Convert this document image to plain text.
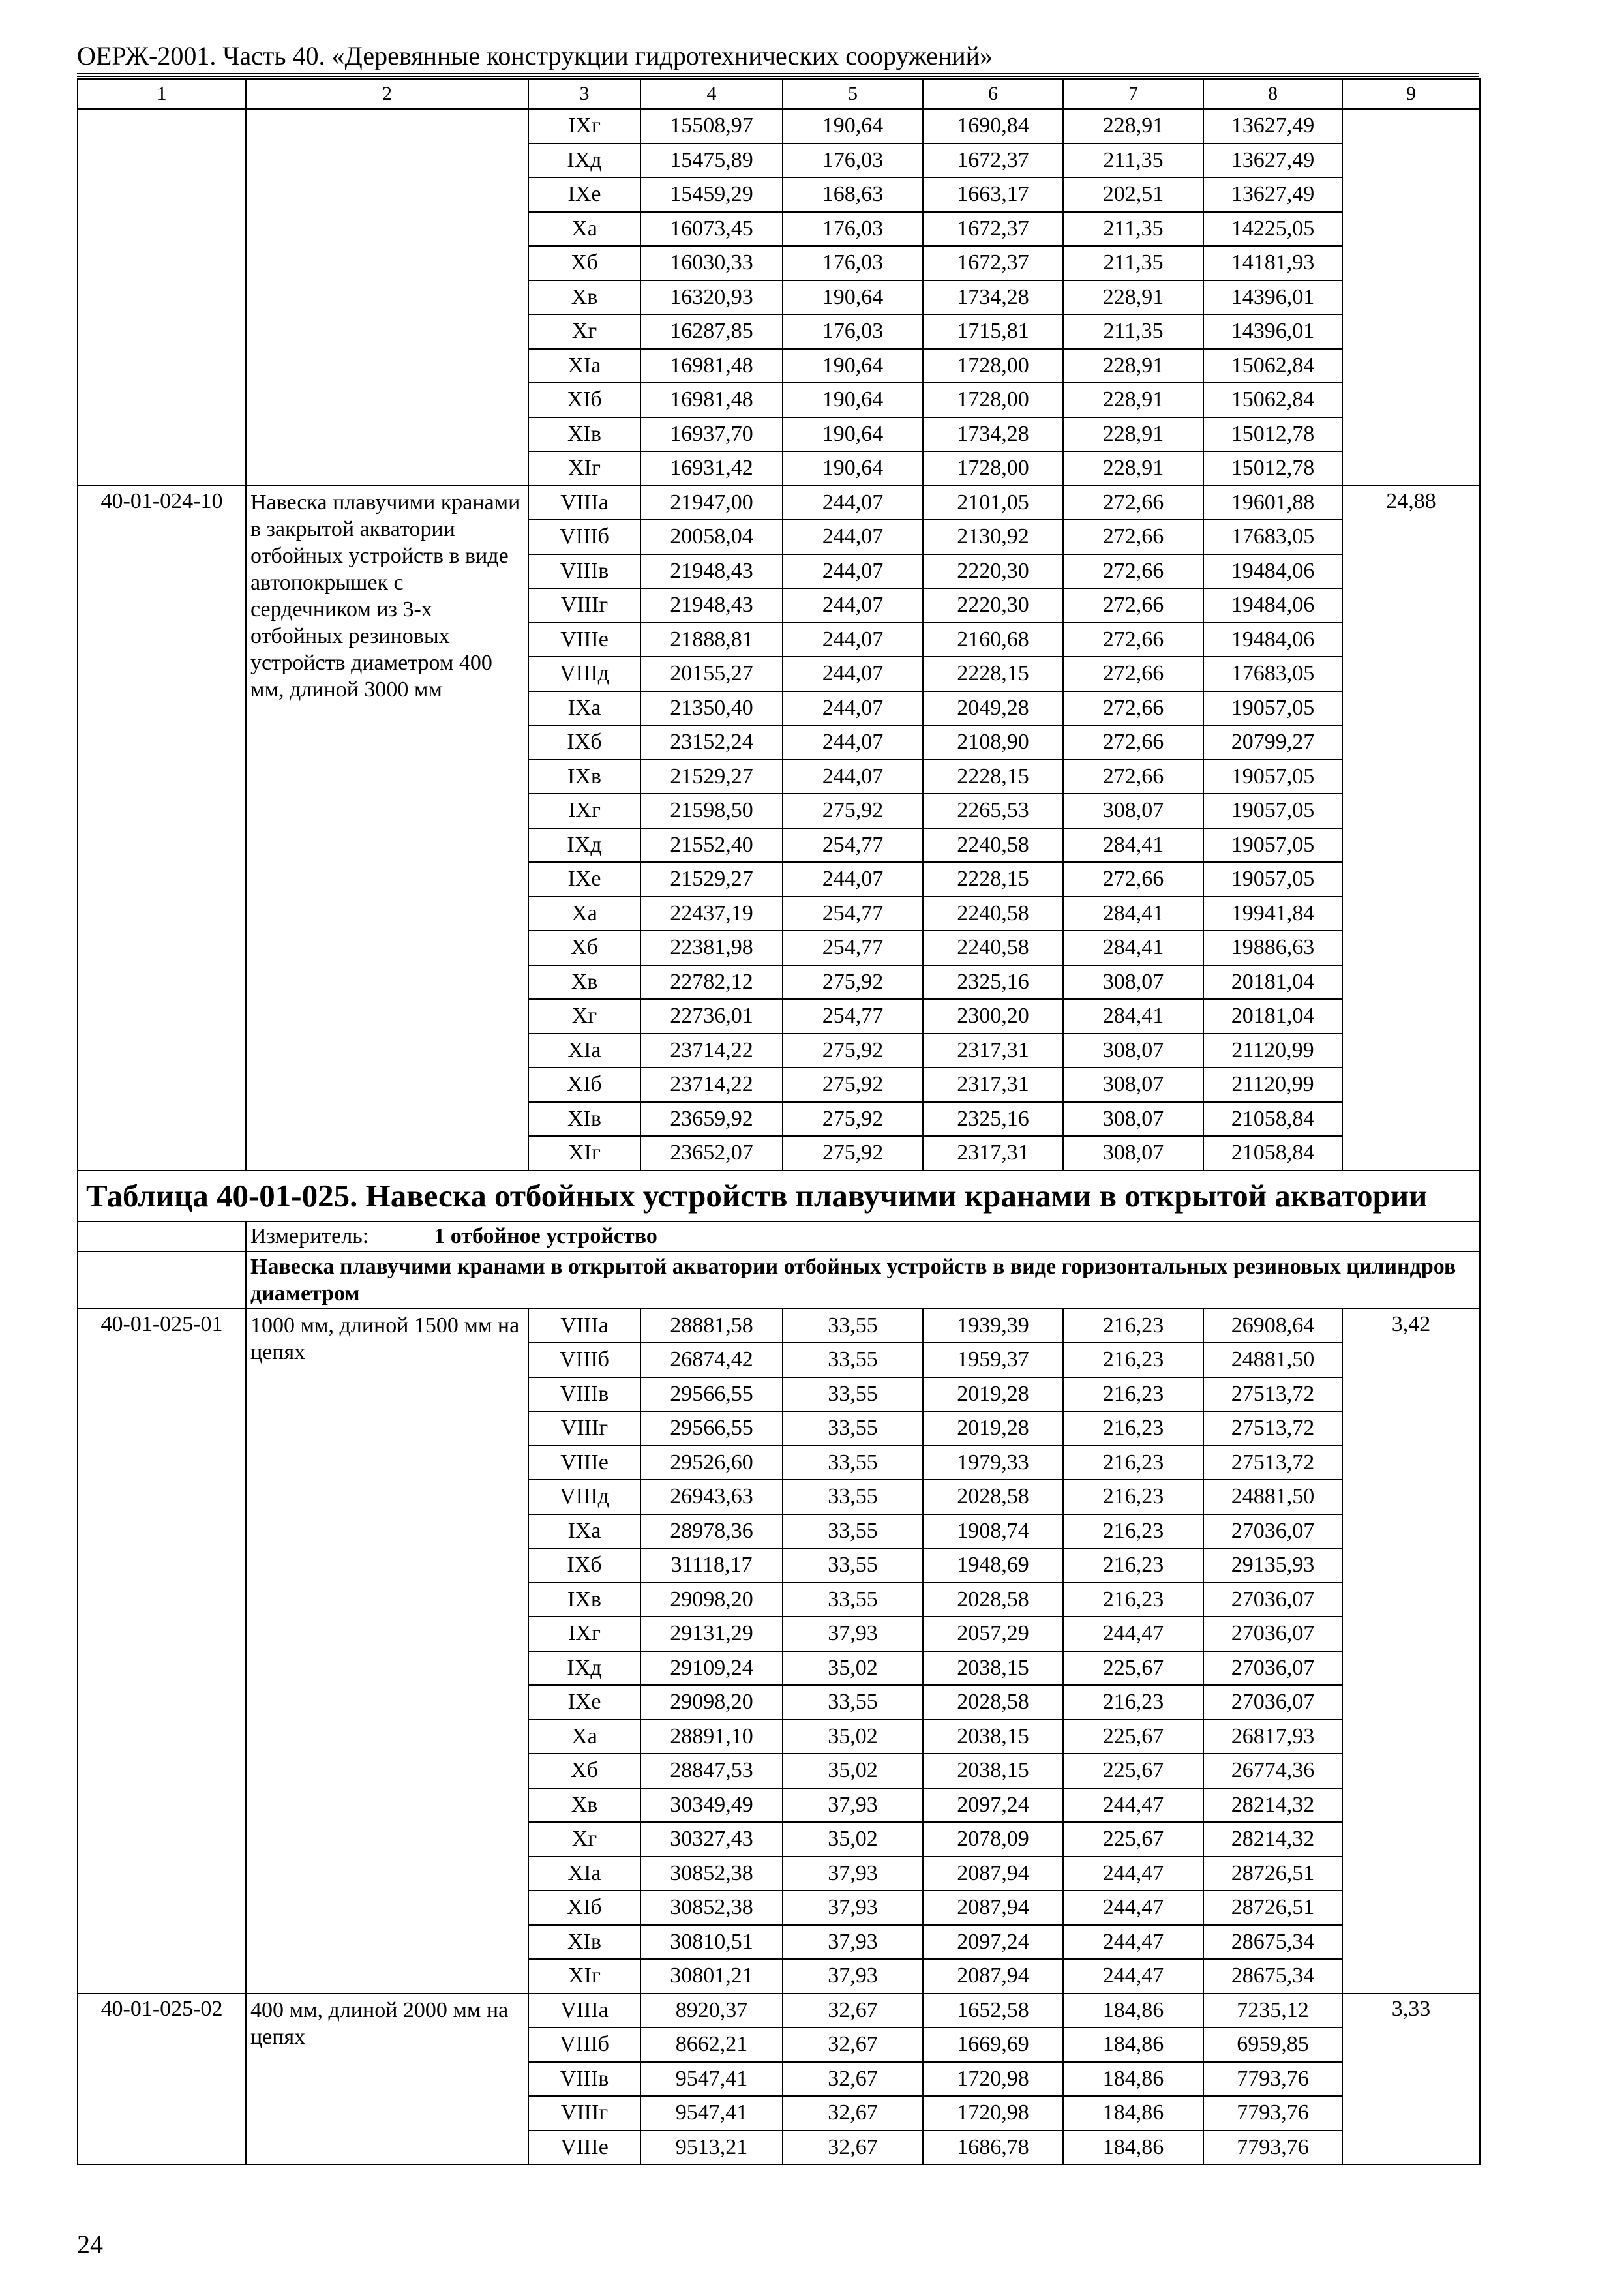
ОЕРЖ-2001. Часть 40. «Деревянные конструкции гидротехнических сооружений»
1	2	3	4	5	6	7	8	9
		IXг	15508,97	190,64	1690,84	228,91	13627,49	
		IXд	15475,89	176,03	1672,37	211,35	13627,49	
		IXе	15459,29	168,63	1663,17	202,51	13627,49	
		Xа	16073,45	176,03	1672,37	211,35	14225,05	
		Xб	16030,33	176,03	1672,37	211,35	14181,93	
		Xв	16320,93	190,64	1734,28	228,91	14396,01	
		Xг	16287,85	176,03	1715,81	211,35	14396,01	
		XIа	16981,48	190,64	1728,00	228,91	15062,84	
		XIб	16981,48	190,64	1728,00	228,91	15062,84	
		XIв	16937,70	190,64	1734,28	228,91	15012,78	
		XIг	16931,42	190,64	1728,00	228,91	15012,78	
40-01-024-10	Навеска плавучими кранами в закрытой акватории отбойных устройств в виде автопокрышек с сердечником из 3-х отбойных резиновых устройств диаметром 400 мм, длиной 3000 мм	VIIIа	21947,00	244,07	2101,05	272,66	19601,88	24,88
		VIIIб	20058,04	244,07	2130,92	272,66	17683,05	
		VIIIв	21948,43	244,07	2220,30	272,66	19484,06	
		VIIIг	21948,43	244,07	2220,30	272,66	19484,06	
		VIIIе	21888,81	244,07	2160,68	272,66	19484,06	
		VIIIд	20155,27	244,07	2228,15	272,66	17683,05	
		IXа	21350,40	244,07	2049,28	272,66	19057,05	
		IXб	23152,24	244,07	2108,90	272,66	20799,27	
		IXв	21529,27	244,07	2228,15	272,66	19057,05	
		IXг	21598,50	275,92	2265,53	308,07	19057,05	
		IXд	21552,40	254,77	2240,58	284,41	19057,05	
		IXе	21529,27	244,07	2228,15	272,66	19057,05	
		Xа	22437,19	254,77	2240,58	284,41	19941,84	
		Xб	22381,98	254,77	2240,58	284,41	19886,63	
		Xв	22782,12	275,92	2325,16	308,07	20181,04	
		Xг	22736,01	254,77	2300,20	284,41	20181,04	
		XIа	23714,22	275,92	2317,31	308,07	21120,99	
		XIб	23714,22	275,92	2317,31	308,07	21120,99	
		XIв	23659,92	275,92	2325,16	308,07	21058,84	
		XIг	23652,07	275,92	2317,31	308,07	21058,84	
Таблица 40-01-025. Навеска отбойных устройств плавучими кранами в открытой акватории								
	Измеритель: 1 отбойное устройство							
	Навеска плавучими кранами в открытой акватории отбойных устройств в виде горизонтальных резиновых цилиндров диаметром							
40-01-025-01	1000 мм, длиной 1500 мм на цепях	VIIIа	28881,58	33,55	1939,39	216,23	26908,64	3,42
		VIIIб	26874,42	33,55	1959,37	216,23	24881,50	
		VIIIв	29566,55	33,55	2019,28	216,23	27513,72	
		VIIIг	29566,55	33,55	2019,28	216,23	27513,72	
		VIIIе	29526,60	33,55	1979,33	216,23	27513,72	
		VIIIд	26943,63	33,55	2028,58	216,23	24881,50	
		IXа	28978,36	33,55	1908,74	216,23	27036,07	
		IXб	31118,17	33,55	1948,69	216,23	29135,93	
		IXв	29098,20	33,55	2028,58	216,23	27036,07	
		IXг	29131,29	37,93	2057,29	244,47	27036,07	
		IXд	29109,24	35,02	2038,15	225,67	27036,07	
		IXе	29098,20	33,55	2028,58	216,23	27036,07	
		Xа	28891,10	35,02	2038,15	225,67	26817,93	
		Xб	28847,53	35,02	2038,15	225,67	26774,36	
		Xв	30349,49	37,93	2097,24	244,47	28214,32	
		Xг	30327,43	35,02	2078,09	225,67	28214,32	
		XIа	30852,38	37,93	2087,94	244,47	28726,51	
		XIб	30852,38	37,93	2087,94	244,47	28726,51	
		XIв	30810,51	37,93	2097,24	244,47	28675,34	
		XIг	30801,21	37,93	2087,94	244,47	28675,34	
40-01-025-02	400 мм, длиной 2000 мм на цепях	VIIIа	8920,37	32,67	1652,58	184,86	7235,12	3,33
		VIIIб	8662,21	32,67	1669,69	184,86	6959,85	
		VIIIв	9547,41	32,67	1720,98	184,86	7793,76	
		VIIIг	9547,41	32,67	1720,98	184,86	7793,76	
		VIIIе	9513,21	32,67	1686,78	184,86	7793,76	
24
